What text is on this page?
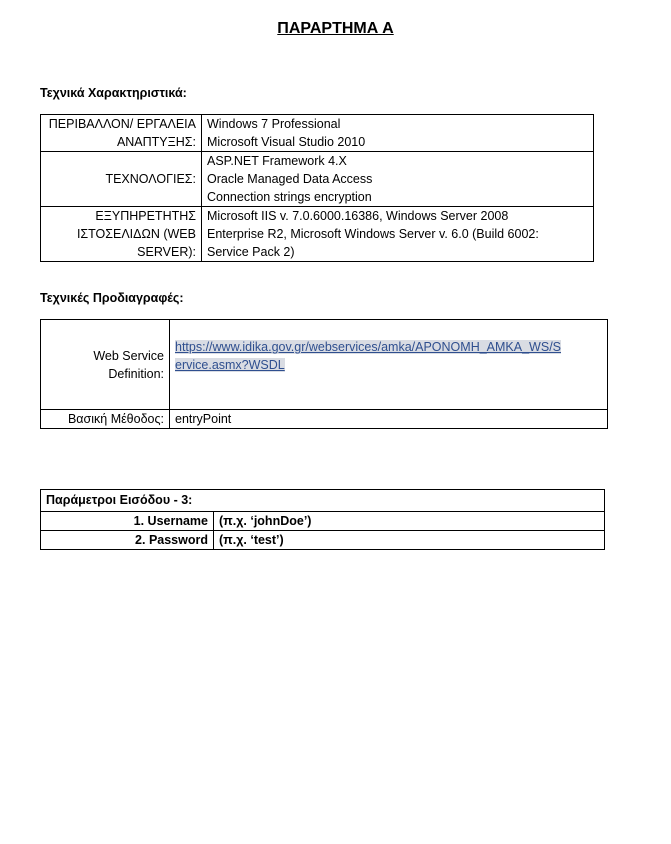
ΠΑΡΑΡΤΗΜΑ Α
Τεχνικά Χαρακτηριστικά:
ΠΕΡΙΒΑΛΛΟΝ/ ΕΡΓΑΛΕΙΑ
ΑΝΑΠΤΥΞΗΣ:	Windows 7 Professional
Microsoft Visual Studio 2010

ΤΕΧΝΟΛΟΓΙΕΣ:	ASP.NET Framework 4.X
Oracle Managed Data Access
Connection strings encryption

ΕΞΥΠΗΡΕΤΗΤΗΣ
ΙΣΤΟΣΕΛΙΔΩΝ (WEB
SERVER):	Microsoft IIS v. 7.0.6000.16386, Windows Server 2008
Enterprise R2, Microsoft Windows Server v. 6.0 (Build 6002:
Service Pack 2)
Τεχνικές Προδιαγραφές:
Web Service
Definition:	https://www.idika.gov.gr/webservices/amka/ΑΡΟΝΟΜΗ_ΑΜΚΑ_WS/S
ervice.asmx?WSDL

Βασική Μέθοδος:	entryPoint
Παράμετροι Εισόδου - 3:	
1. Username	(π.χ. ‘johnDoe’)
2. Password	(π.χ. ‘test’)
